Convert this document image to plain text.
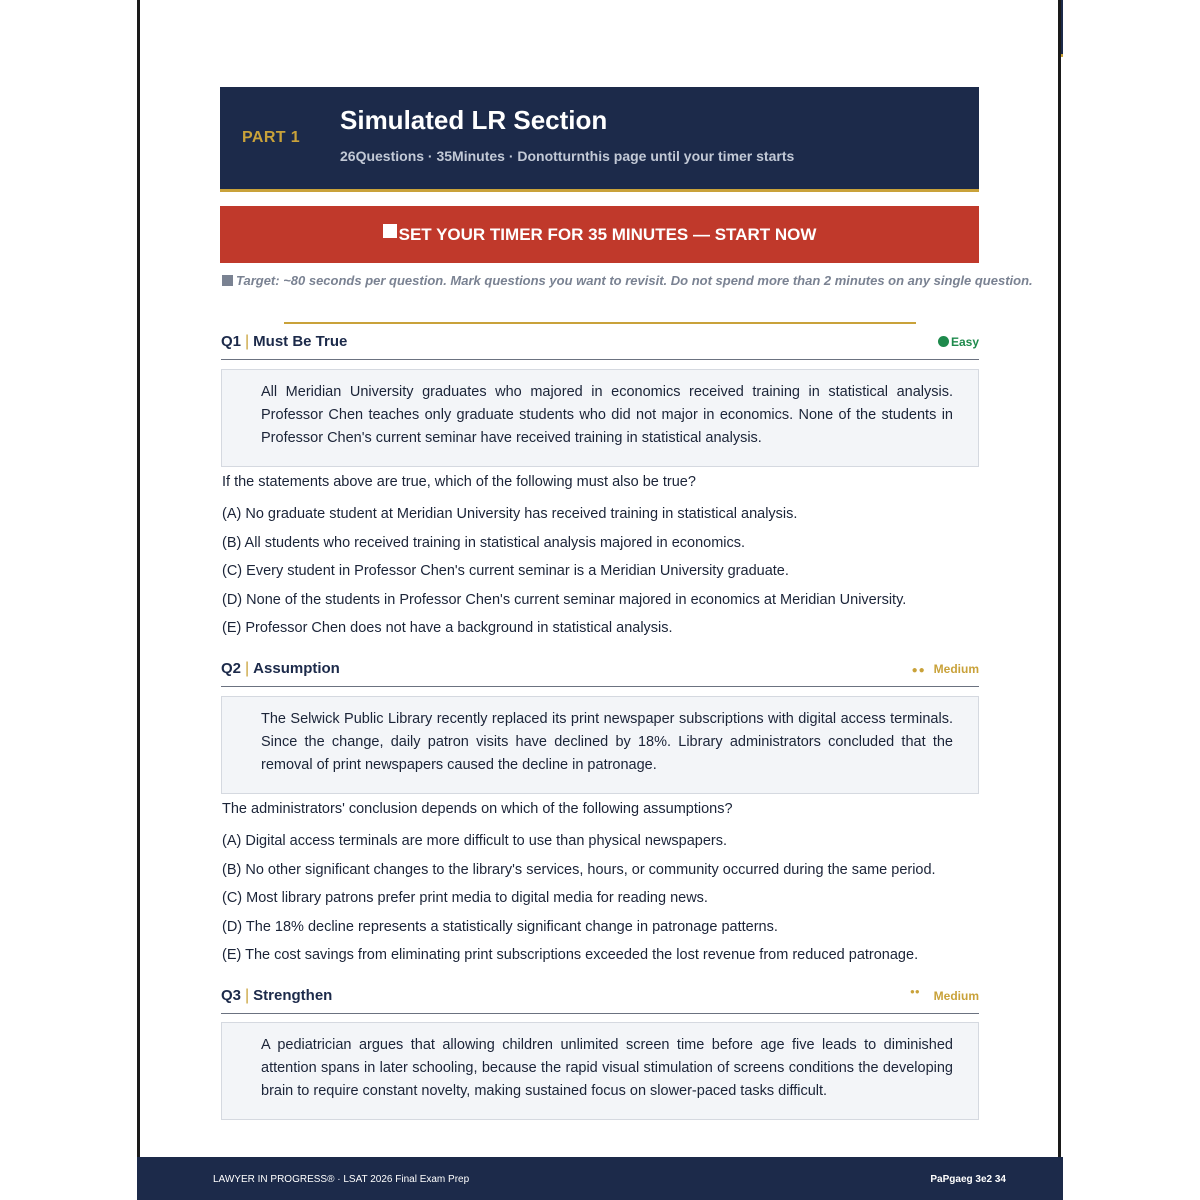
PART 1
Simulated LR Section
26Questions · 35Minutes · Donotturnthis page until your timer starts
SET YOUR TIMER FOR 35 MINUTES — START NOW
Target: ~80 seconds per question. Mark questions you want to revisit. Do not spend more than 2 minutes on any single question.
Q1 | Must Be True	Easy
All Meridian University graduates who majored in economics received training in statistical analysis. Professor Chen teaches only graduate students who did not major in economics. None of the students in Professor Chen's current seminar have received training in statistical analysis.
If the statements above are true, which of the following must also be true?
(A) No graduate student at Meridian University has received training in statistical analysis.
(B) All students who received training in statistical analysis majored in economics.
(C) Every student in Professor Chen's current seminar is a Meridian University graduate.
(D) None of the students in Professor Chen's current seminar majored in economics at Meridian University.
(E) Professor Chen does not have a background in statistical analysis.
Q2 | Assumption	●● Medium
The Selwick Public Library recently replaced its print newspaper subscriptions with digital access terminals. Since the change, daily patron visits have declined by 18%. Library administrators concluded that the removal of print newspapers caused the decline in patronage.
The administrators' conclusion depends on which of the following assumptions?
(A) Digital access terminals are more difficult to use than physical newspapers.
(B) No other significant changes to the library's services, hours, or community occurred during the same period.
(C) Most library patrons prefer print media to digital media for reading news.
(D) The 18% decline represents a statistically significant change in patronage patterns.
(E) The cost savings from eliminating print subscriptions exceeded the lost revenue from reduced patronage.
Q3 | Strengthen	●● Medium
A pediatrician argues that allowing children unlimited screen time before age five leads to diminished attention spans in later schooling, because the rapid visual stimulation of screens conditions the developing brain to require constant novelty, making sustained focus on slower-paced tasks difficult.
LAWYER IN PROGRESS® · LSAT 2026 Final Exam Prep	PaPgaeg 3e2 34
